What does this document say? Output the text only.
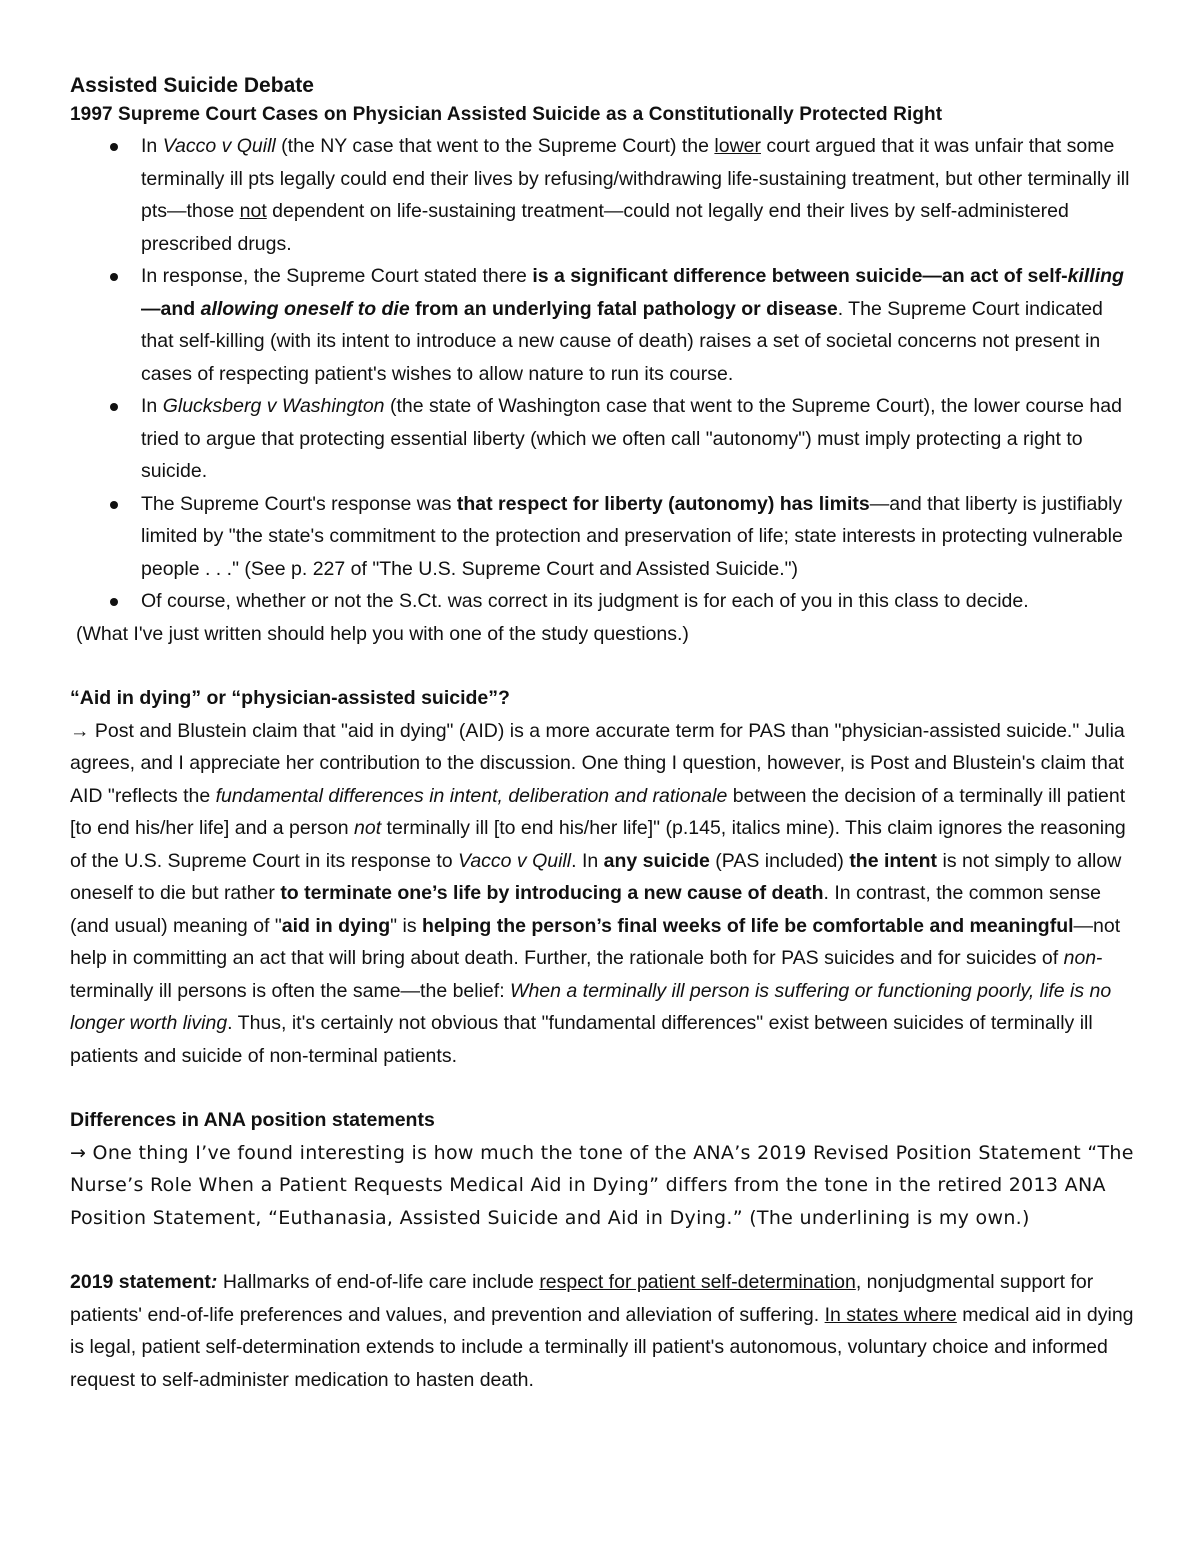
Assisted Suicide Debate

1997 Supreme Court Cases on Physician Assisted Suicide as a Constitutionally Protected Right

In Vacco v Quill (the NY case that went to the Supreme Court) the lower court argued that it was unfair that some terminally ill pts legally could end their lives by refusing/withdrawing life-sustaining treatment, but other terminally ill pts—those not dependent on life-sustaining treatment—could not legally end their lives by self-administered prescribed drugs.
In response, the Supreme Court stated there is a significant difference between suicide—an act of self-killing—and allowing oneself to die from an underlying fatal pathology or disease. The Supreme Court indicated that self-killing (with its intent to introduce a new cause of death) raises a set of societal concerns not present in cases of respecting patient's wishes to allow nature to run its course.
In Glucksberg v Washington (the state of Washington case that went to the Supreme Court), the lower course had tried to argue that protecting essential liberty (which we often call "autonomy") must imply protecting a right to suicide.
The Supreme Court's response was that respect for liberty (autonomy) has limits—and that liberty is justifiably limited by "the state's commitment to the protection and preservation of life; state interests in protecting vulnerable people . . ." (See p. 227 of "The U.S. Supreme Court and Assisted Suicide.")
Of course, whether or not the S.Ct. was correct in its judgment is for each of you in this class to decide.

(What I've just written should help you with one of the study questions.)

“Aid in dying” or “physician-assisted suicide”?

→ Post and Blustein claim that "aid in dying" (AID) is a more accurate term for PAS than "physician-assisted suicide." Julia agrees, and I appreciate her contribution to the discussion. One thing I question, however, is Post and Blustein's claim that AID "reflects the fundamental differences in intent, deliberation and rationale between the decision of a terminally ill patient [to end his/her life] and a person not terminally ill [to end his/her life]" (p.145, italics mine). This claim ignores the reasoning of the U.S. Supreme Court in its response to Vacco v Quill. In any suicide (PAS included) the intent is not simply to allow oneself to die but rather to terminate one’s life by introducing a new cause of death. In contrast, the common sense (and usual) meaning of "aid in dying" is helping the person’s final weeks of life be comfortable and meaningful—not help in committing an act that will bring about death. Further, the rationale both for PAS suicides and for suicides of non-terminally ill persons is often the same—the belief: When a terminally ill person is suffering or functioning poorly, life is no longer worth living. Thus, it's certainly not obvious that "fundamental differences" exist between suicides of terminally ill patients and suicide of non-terminal patients.

Differences in ANA position statements

→ One thing I’ve found interesting is how much the tone of the ANA’s 2019 Revised Position Statement “The Nurse’s Role When a Patient Requests Medical Aid in Dying” differs from the tone in the retired 2013 ANA Position Statement, “Euthanasia, Assisted Suicide and Aid in Dying.” (The underlining is my own.)

2019 statement: Hallmarks of end-of-life care include respect for patient self-determination, nonjudgmental support for patients' end-of-life preferences and values, and prevention and alleviation of suffering. In states where medical aid in dying is legal, patient self-determination extends to include a terminally ill patient's autonomous, voluntary choice and informed request to self-administer medication to hasten death.
